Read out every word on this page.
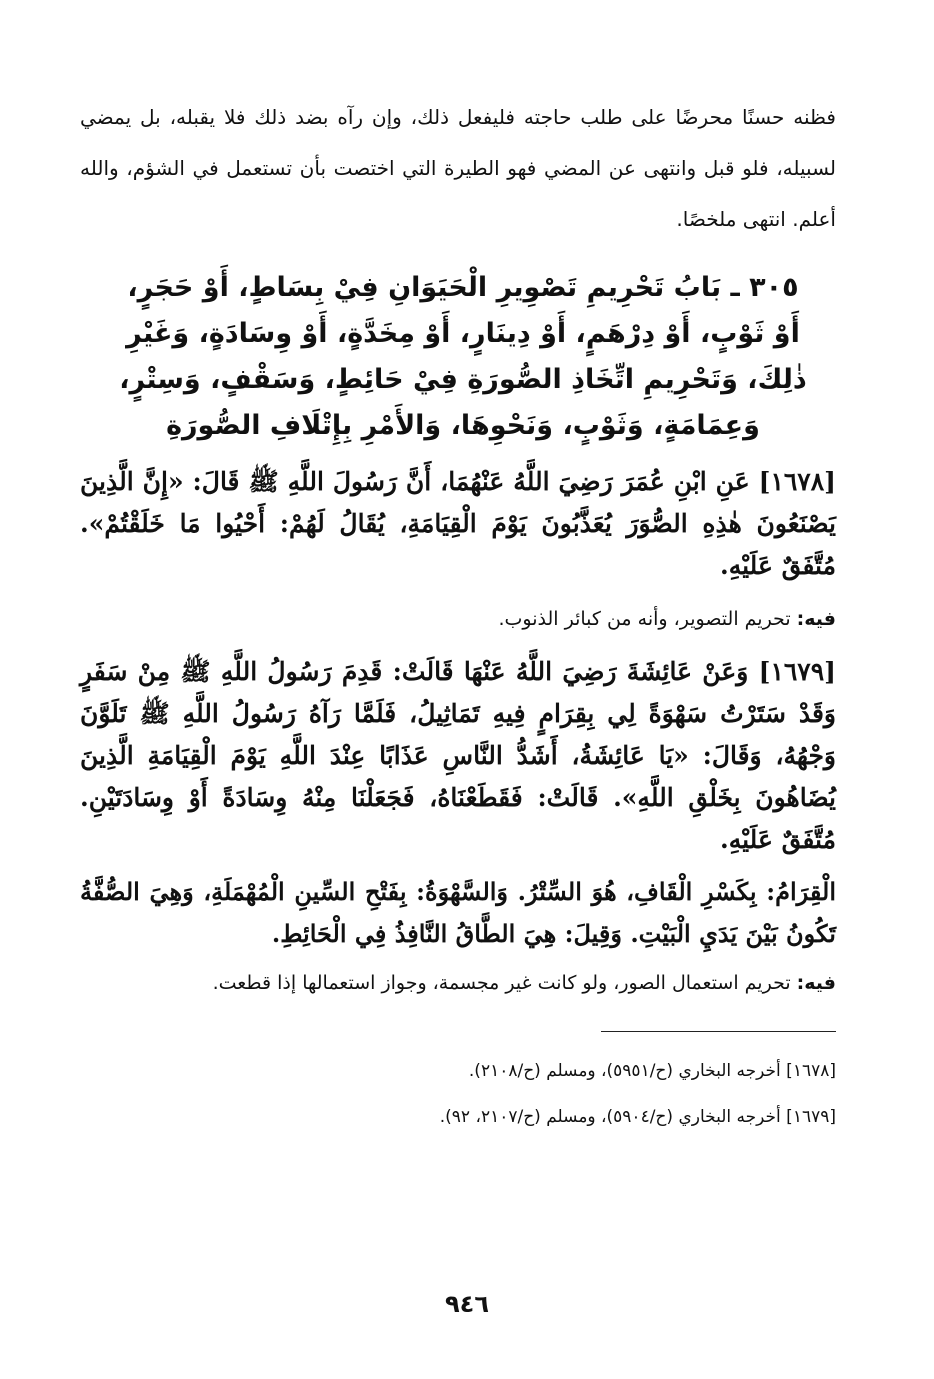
فظنه حسنًا محرضًا على طلب حاجته فليفعل ذلك، وإن رآه بضد ذلك فلا يقبله، بل يمضي لسبيله، فلو قبل وانتهى عن المضي فهو الطيرة التي اختصت بأن تستعمل في الشؤم، والله أعلم. انتهى ملخصًا.

٣٠٥ ـ بَابُ تَحْرِيمِ تَصْوِيرِ الْحَيَوَانِ فِيْ بِسَاطٍ، أَوْ حَجَرٍ، أَوْ ثَوْبٍ، أَوْ دِرْهَمٍ، أَوْ دِينَارٍ، أَوْ مِخَدَّةٍ، أَوْ وِسَادَةٍ، وَغَيْرِ ذٰلِكَ، وَتَحْرِيمِ اتِّخَاذِ الصُّورَةِ فِيْ حَائِطٍ، وَسَقْفٍ، وَسِتْرٍ، وَعِمَامَةٍ، وَثَوْبٍ، وَنَحْوِهَا، وَالأَمْرِ بِإِتْلَافِ الصُّورَةِ

[١٦٧٨] عَنِ ابْنِ عُمَرَ رَضِيَ اللَّهُ عَنْهُمَا، أَنَّ رَسُولَ اللَّهِ ﷺ قَالَ: «إِنَّ الَّذِينَ يَصْنَعُونَ هٰذِهِ الصُّوَرَ يُعَذَّبُونَ يَوْمَ الْقِيَامَةِ، يُقَالُ لَهُمْ: أَحْيُوا مَا خَلَقْتُمْ». مُتَّفَقٌ عَلَيْهِ.

فيه: تحريم التصوير، وأنه من كبائر الذنوب.

[١٦٧٩] وَعَنْ عَائِشَةَ رَضِيَ اللَّهُ عَنْهَا قَالَتْ: قَدِمَ رَسُولُ اللَّهِ ﷺ مِنْ سَفَرٍ وَقَدْ سَتَرْتُ سَهْوَةً لِي بِقِرَامٍ فِيهِ تَمَاثِيلُ، فَلَمَّا رَآهُ رَسُولُ اللَّهِ ﷺ تَلَوَّنَ وَجْهُهُ، وَقَالَ: «يَا عَائِشَةُ، أَشَدُّ النَّاسِ عَذَابًا عِنْدَ اللَّهِ يَوْمَ الْقِيَامَةِ الَّذِينَ يُضَاهُونَ بِخَلْقِ اللَّهِ». قَالَتْ: فَقَطَعْنَاهُ، فَجَعَلْنَا مِنْهُ وِسَادَةً أَوْ وِسَادَتَيْنِ. مُتَّفَقٌ عَلَيْهِ.

الْقِرَامُ: بِكَسْرِ الْقَافِ، هُوَ السِّتْرُ. وَالسَّهْوَةُ: بِفَتْحِ السِّينِ الْمُهْمَلَةِ، وَهِيَ الصُّفَّةُ تَكُونُ بَيْنَ يَدَيِ الْبَيْتِ. وَقِيلَ: هِيَ الطَّاقُ النَّافِذُ فِي الْحَائِطِ.

فيه: تحريم استعمال الصور، ولو كانت غير مجسمة، وجواز استعمالها إذا قطعت.

[١٦٧٨] أخرجه البخاري (ح/٥٩٥١)، ومسلم (ح/٢١٠٨).

[١٦٧٩] أخرجه البخاري (ح/٥٩٠٤)، ومسلم (ح/٢١٠٧، ٩٢).

٩٤٦
